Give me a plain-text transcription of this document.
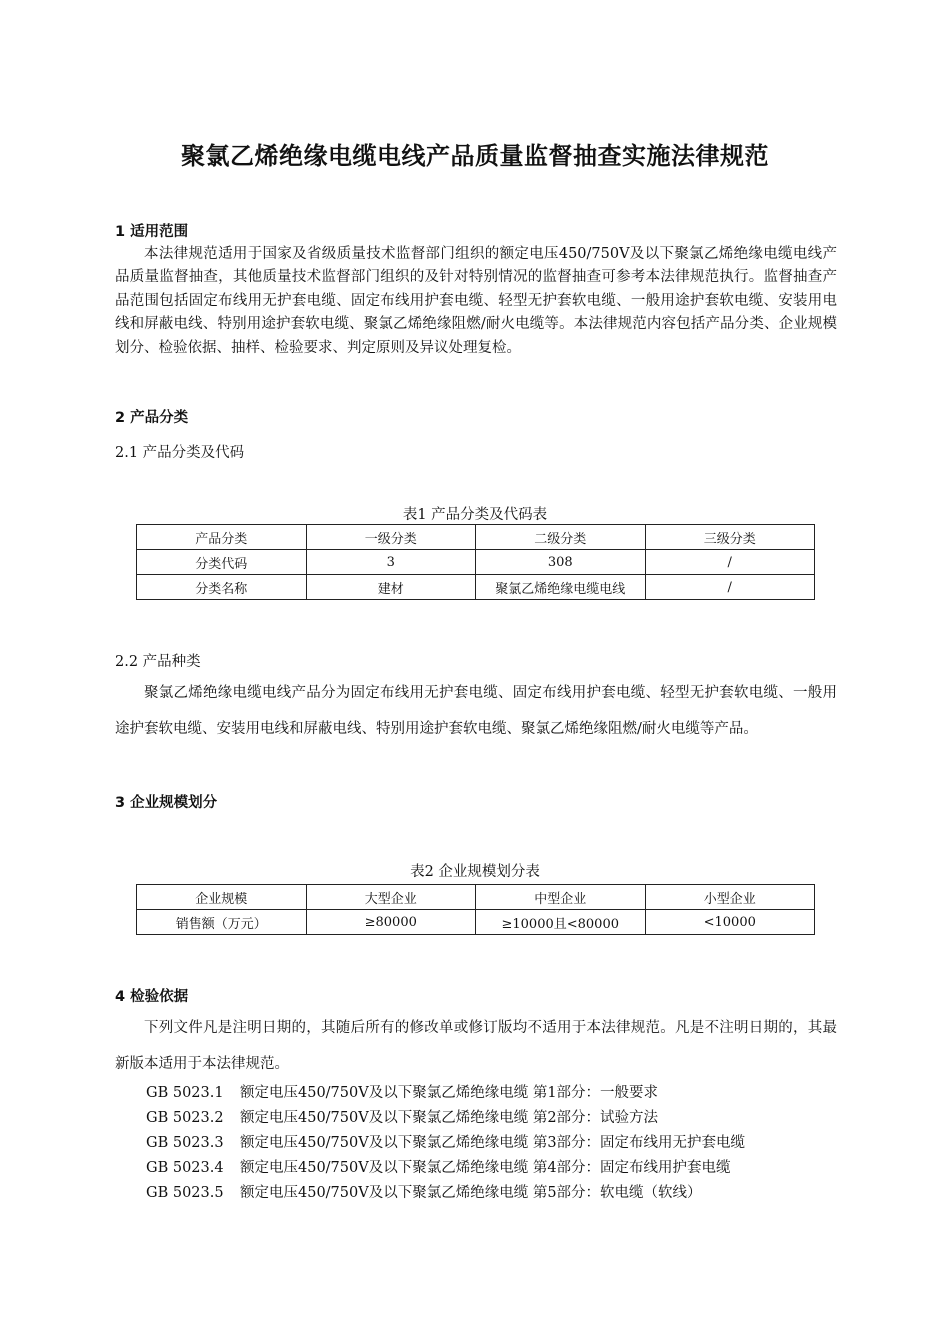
聚氯乙烯绝缘电缆电线产品质量监督抽查实施法律规范
1 适用范围

本法律规范适用于国家及省级质量技术监督部门组织的额定电压450/750V及以下聚氯乙烯绝缘电缆电线产品质量监督抽查，其他质量技术监督部门组织的及针对特别情况的监督抽查可参考本法律规范执行。监督抽查产品范围包括固定布线用无护套电缆、固定布线用护套电缆、轻型无护套软电缆、一般用途护套软电缆、安装用电线和屏蔽电线、特别用途护套软电缆、聚氯乙烯绝缘阻燃/耐火电缆等。本法律规范内容包括产品分类、企业规模划分、检验依据、抽样、检验要求、判定原则及异议处理复检。

2 产品分类
2.1 产品分类及代码
表1 产品分类及代码表
产品分类	一级分类	二级分类	三级分类
分类代码	3	308	/
分类名称	建材	聚氯乙烯绝缘电缆电线	/
2.2 产品种类

聚氯乙烯绝缘电缆电线产品分为固定布线用无护套电缆、固定布线用护套电缆、轻型无护套软电缆、一般用途护套软电缆、安装用电线和屏蔽电线、特别用途护套软电缆、聚氯乙烯绝缘阻燃/耐火电缆等产品。

3 企业规模划分
表2 企业规模划分表
企业规模	大型企业	中型企业	小型企业
销售额（万元）	≥80000	≥10000且<80000	<10000
4 检验依据

下列文件凡是注明日期的，其随后所有的修改单或修订版均不适用于本法律规范。凡是不注明日期的，其最新版本适用于本法律规范。

GB 5023.1 额定电压450/750V及以下聚氯乙烯绝缘电缆 第1部分：一般要求
GB 5023.2 额定电压450/750V及以下聚氯乙烯绝缘电缆 第2部分：试验方法
GB 5023.3 额定电压450/750V及以下聚氯乙烯绝缘电缆 第3部分：固定布线用无护套电缆
GB 5023.4 额定电压450/750V及以下聚氯乙烯绝缘电缆 第4部分：固定布线用护套电缆
GB 5023.5 额定电压450/750V及以下聚氯乙烯绝缘电缆 第5部分：软电缆（软线）
